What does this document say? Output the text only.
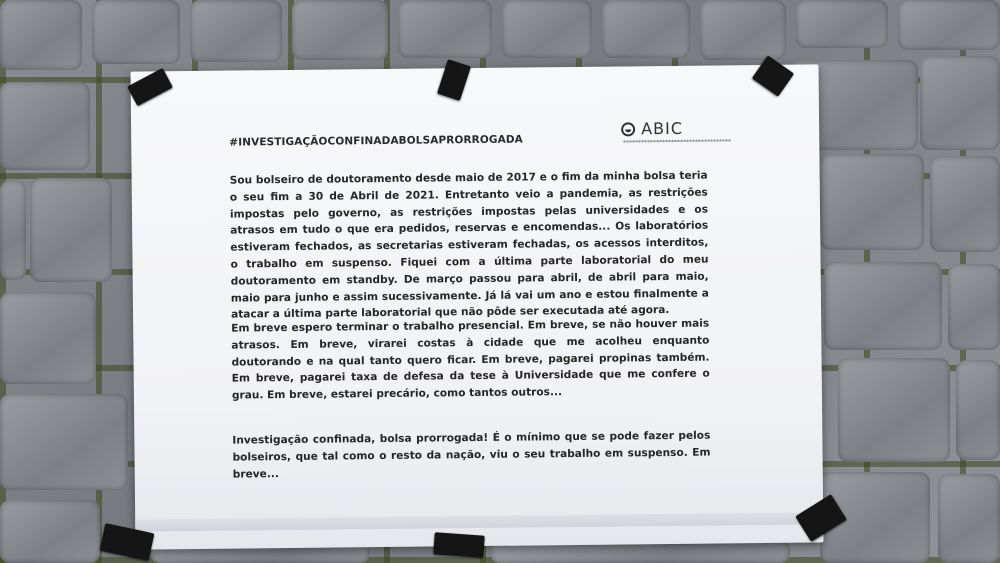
#INVESTIGAÇÃOCONFINADABOLSAPRORROGADA
ABIC
Sou bolseiro de doutoramento desde maio de 2017 e o fim da minha bolsa teria o seu fim a 30 de Abril de 2021. Entretanto veio a pandemia, as restrições impostas pelo governo, as restrições impostas pelas universidades e os atrasos em tudo o que era pedidos, reservas e encomendas... Os laboratórios estiveram fechados, as secretarias estiveram fechadas, os acessos interditos, o trabalho em suspenso. Fiquei com a última parte laboratorial do meu doutoramento em standby. De março passou para abril, de abril para maio, maio para junho e assim sucessivamente. Já lá vai um ano e estou finalmente a atacar a última parte laboratorial que não pôde ser executada até agora.
Em breve espero terminar o trabalho presencial. Em breve, se não houver mais atrasos. Em breve, virarei costas à cidade que me acolheu enquanto doutorando e na qual tanto quero ficar. Em breve, pagarei propinas também. Em breve, pagarei taxa de defesa da tese à Universidade que me confere o grau. Em breve, estarei precário, como tantos outros...
Investigação confinada, bolsa prorrogada! É o mínimo que se pode fazer pelos bolseiros, que tal como o resto da nação, viu o seu trabalho em suspenso. Em breve...
